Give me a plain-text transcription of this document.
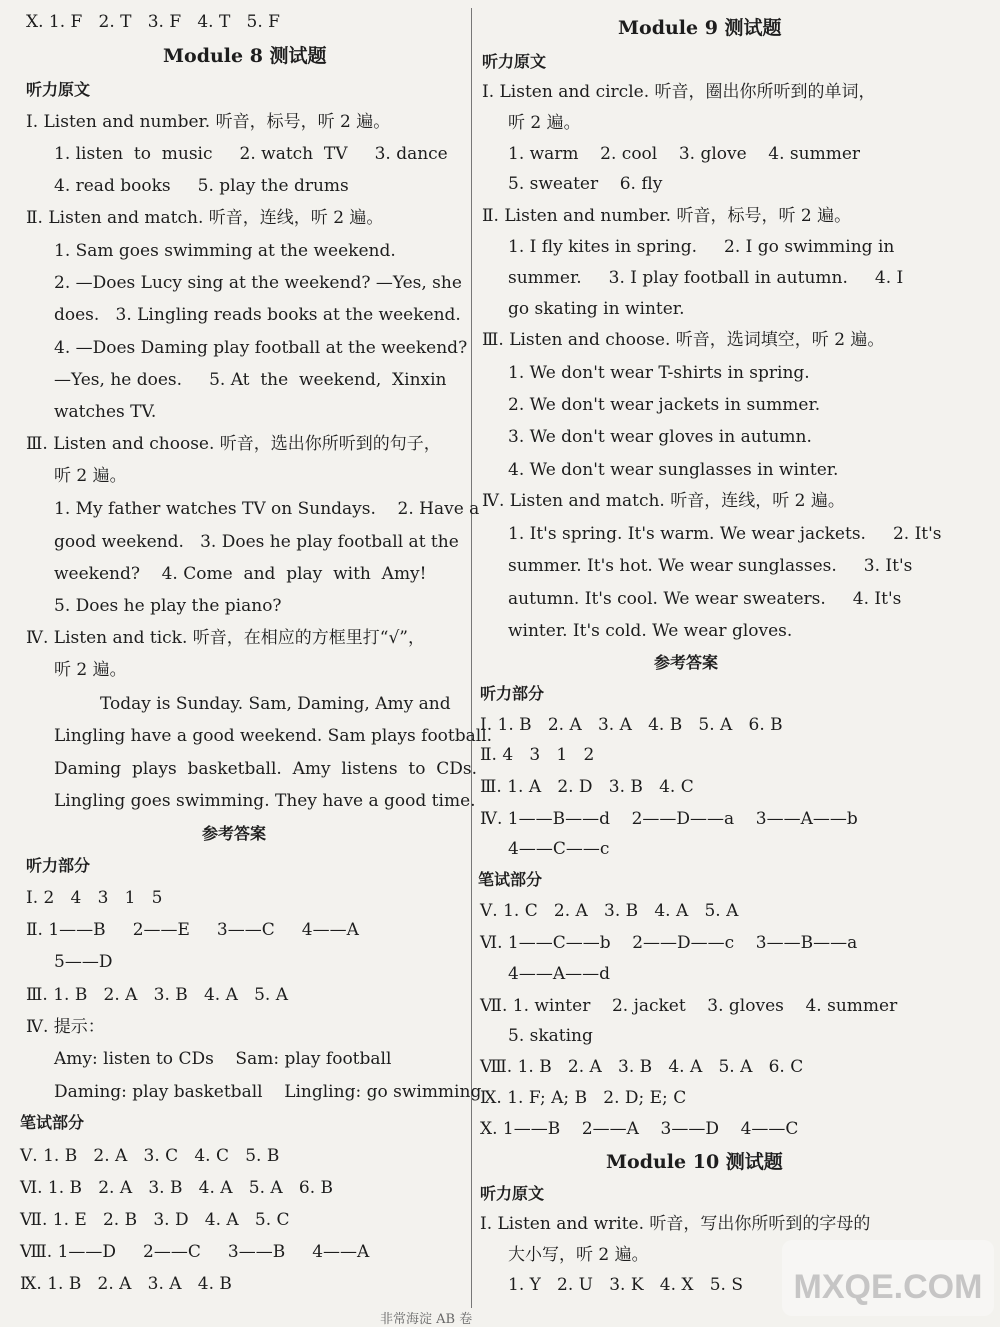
Ⅹ. 1. F   2. T   3. F   4. T   5. F
Module 8 测试题
听力原文
Ⅰ. Listen and number. 听音，标号，听 2 遍。
1. listen  to  music     2. watch  TV     3. dance
4. read books     5. play the drums
Ⅱ. Listen and match. 听音，连线，听 2 遍。
1. Sam goes swimming at the weekend.
2. —Does Lucy sing at the weekend? —Yes, she
does.   3. Lingling reads books at the weekend.
4. —Does Daming play football at the weekend?
—Yes, he does.     5. At  the  weekend,  Xinxin
watches TV.
Ⅲ. Listen and choose. 听音，选出你所听到的句子，
听 2 遍。
1. My father watches TV on Sundays.    2. Have a
good weekend.   3. Does he play football at the
weekend?    4. Come  and  play  with  Amy!
5. Does he play the piano?
Ⅳ. Listen and tick. 听音，在相应的方框里打“√”，
听 2 遍。
Today is Sunday. Sam, Daming, Amy and
Lingling have a good weekend. Sam plays football.
Daming  plays  basketball.  Amy  listens  to  CDs.
Lingling goes swimming. They have a good time.
参考答案
听力部分
Ⅰ. 2   4   3   1   5
Ⅱ. 1——B     2——E     3——C     4——A
5——D
Ⅲ. 1. B   2. A   3. B   4. A   5. A
Ⅳ. 提示：
Amy: listen to CDs    Sam: play football
Daming: play basketball    Lingling: go swimming
笔试部分
Ⅴ. 1. B   2. A   3. C   4. C   5. B
Ⅵ. 1. B   2. A   3. B   4. A   5. A   6. B
Ⅶ. 1. E   2. B   3. D   4. A   5. C
Ⅷ. 1——D     2——C     3——B     4——A
Ⅸ. 1. B   2. A   3. A   4. B
Module 9 测试题
听力原文
Ⅰ. Listen and circle. 听音，圈出你所听到的单词，
听 2 遍。
1. warm    2. cool    3. glove    4. summer
5. sweater    6. fly
Ⅱ. Listen and number. 听音，标号，听 2 遍。
1. I fly kites in spring.     2. I go swimming in
summer.     3. I play football in autumn.     4. I
go skating in winter.
Ⅲ. Listen and choose. 听音，选词填空，听 2 遍。
1. We don't wear T-shirts in spring.
2. We don't wear jackets in summer.
3. We don't wear gloves in autumn.
4. We don't wear sunglasses in winter.
Ⅳ. Listen and match. 听音，连线，听 2 遍。
1. It's spring. It's warm. We wear jackets.     2. It's
summer. It's hot. We wear sunglasses.     3. It's
autumn. It's cool. We wear sweaters.     4. It's
winter. It's cold. We wear gloves.
参考答案
听力部分
Ⅰ. 1. B   2. A   3. A   4. B   5. A   6. B
Ⅱ. 4   3   1   2
Ⅲ. 1. A   2. D   3. B   4. C
Ⅳ. 1——B——d    2——D——a    3——A——b
4——C——c
笔试部分
Ⅴ. 1. C   2. A   3. B   4. A   5. A
Ⅵ. 1——C——b    2——D——c    3——B——a
4——A——d
Ⅶ. 1. winter    2. jacket    3. gloves    4. summer
5. skating
Ⅷ. 1. B   2. A   3. B   4. A   5. A   6. C
Ⅸ. 1. F; A; B   2. D; E; C
Ⅹ. 1——B    2——A    3——D    4——C
Module 10 测试题
听力原文
Ⅰ. Listen and write. 听音，写出你所听到的字母的
大小写，听 2 遍。
1. Y   2. U   3. K   4. X   5. S
非常海淀 AB 卷
MXQE.COM
